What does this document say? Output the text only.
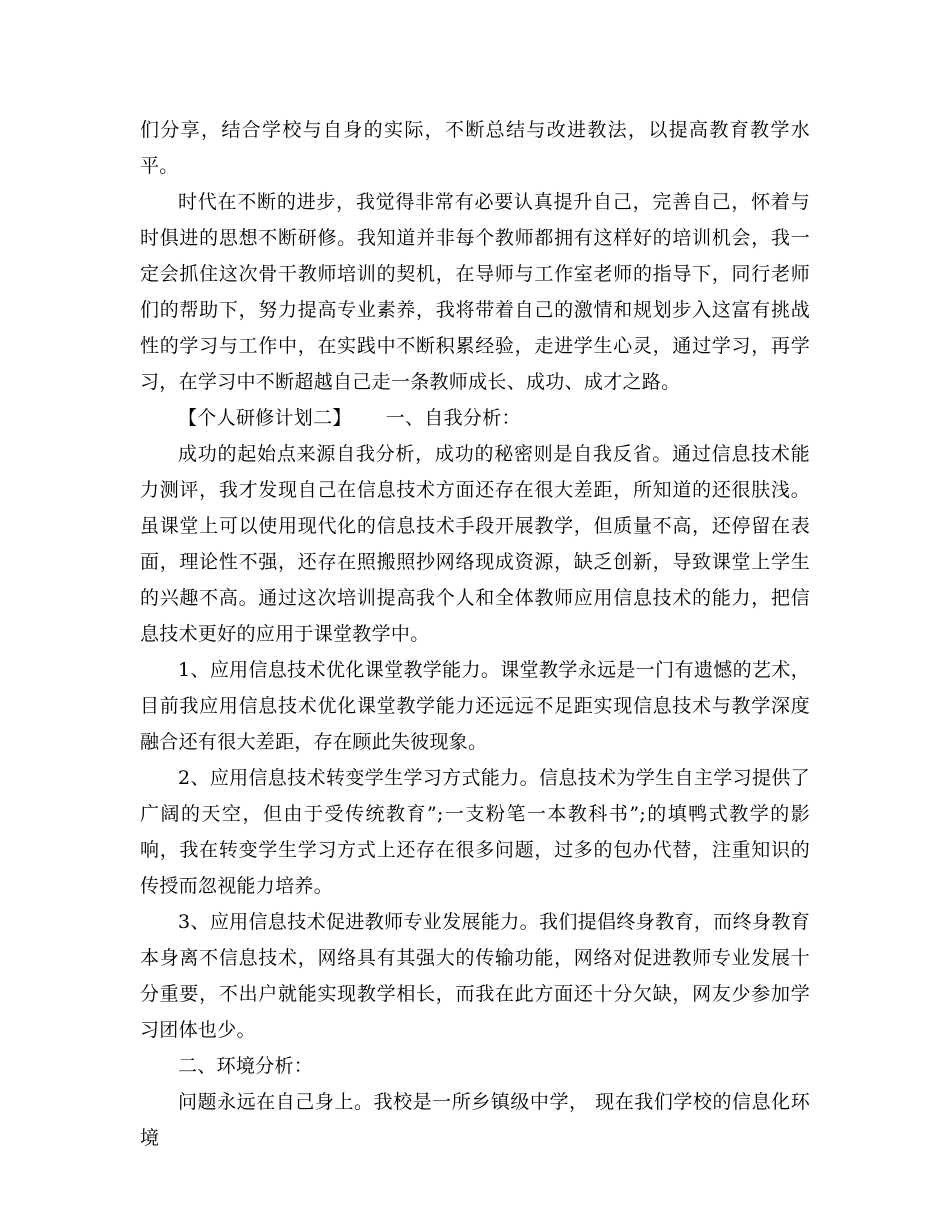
们分享，结合学校与自身的实际，不断总结与改进教法，以提高教育教学水平。

时代在不断的进步，我觉得非常有必要认真提升自己，完善自己，怀着与时俱进的思想不断研修。我知道并非每个教师都拥有这样好的培训机会，我一定会抓住这次骨干教师培训的契机，在导师与工作室老师的指导下，同行老师们的帮助下，努力提高专业素养，我将带着自己的激情和规划步入这富有挑战性的学习与工作中，在实践中不断积累经验，走进学生心灵，通过学习，再学习，在学习中不断超越自己走一条教师成长、成功、成才之路。

【个人研修计划二】 一、自我分析：

成功的起始点来源自我分析，成功的秘密则是自我反省。通过信息技术能力测评，我才发现自己在信息技术方面还存在很大差距，所知道的还很肤浅。虽课堂上可以使用现代化的信息技术手段开展教学，但质量不高，还停留在表面，理论性不强，还存在照搬照抄网络现成资源，缺乏创新，导致课堂上学生的兴趣不高。通过这次培训提高我个人和全体教师应用信息技术的能力，把信息技术更好的应用于课堂教学中。

1、应用信息技术优化课堂教学能力。课堂教学永远是一门有遗憾的艺术，目前我应用信息技术优化课堂教学能力还远远不足距实现信息技术与教学深度融合还有很大差距，存在顾此失彼现象。

2、应用信息技术转变学生学习方式能力。信息技术为学生自主学习提供了广阔的天空，但由于受传统教育”;一支粉笔一本教科书”;的填鸭式教学的影响，我在转变学生学习方式上还存在很多问题，过多的包办代替，注重知识的传授而忽视能力培养。

3、应用信息技术促进教师专业发展能力。我们提倡终身教育，而终身教育本身离不信息技术，网络具有其强大的传输功能，网络对促进教师专业发展十分重要，不出户就能实现教学相长，而我在此方面还十分欠缺，网友少参加学习团体也少。

二、环境分析：

问题永远在自己身上。我校是一所乡镇级中学， 现在我们学校的信息化环境
